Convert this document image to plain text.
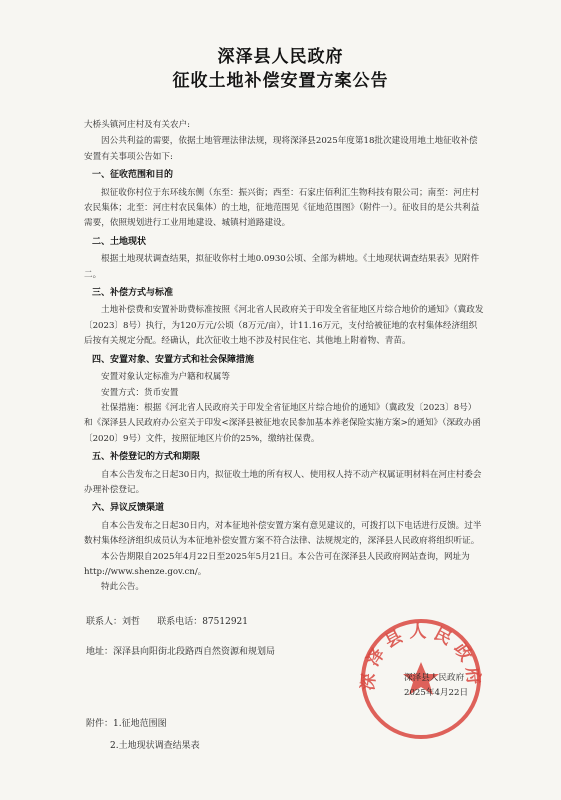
深泽县人民政府
征收土地补偿安置方案公告

大桥头镇河庄村及有关农户:

因公共利益的需要，依据土地管理法律法规，现将深泽县2025年度第18批次建设用地土地征收补偿安置有关事项公告如下:

一、征收范围和目的

拟征收你村位于东环线东侧（东至：振兴街；西至：石家庄佰利汇生物科技有限公司；南至：河庄村农民集体；北至：河庄村农民集体）的土地，征地范围见《征地范围图》（附件一）。征收目的是公共利益需要，依照规划进行工业用地建设、城镇村道路建设。

二、土地现状

根据土地现状调查结果，拟征收你村土地0.0930公顷、全部为耕地。《土地现状调查结果表》见附件二。

三、补偿方式与标准

土地补偿费和安置补助费标准按照《河北省人民政府关于印发全省征地区片综合地价的通知》（冀政发〔2023〕8号）执行，为120万元/公顷（8万元/亩），计11.16万元，支付给被征地的农村集体经济组织后按有关规定分配。经确认，此次征收土地不涉及村民住宅、其他地上附着物、青苗。

四、安置对象、安置方式和社会保障措施

安置对象认定标准为户籍和权属等

安置方式：货币安置

社保措施：根据《河北省人民政府关于印发全省征地区片综合地价的通知》（冀政发〔2023〕8号）和《深泽县人民政府办公室关于印发<深泽县被征地农民参加基本养老保险实施方案>的通知》（深政办函〔2020〕9号）文件，按照征地区片价的25%，缴纳社保费。

五、补偿登记的方式和期限

自本公告发布之日起30日内，拟征收土地的所有权人、使用权人持不动产权属证明材料在河庄村委会办理补偿登记。

六、异议反馈渠道

自本公告发布之日起30日内，对本征地补偿安置方案有意见建议的，可拨打以下电话进行反馈。过半数村集体经济组织成员认为本征地补偿安置方案不符合法律、法规规定的，深泽县人民政府将组织听证。

本公告期限自2025年4月22日至2025年5月21日。本公告可在深泽县人民政府网站查询，网址为http://www.shenze.gov.cn/。

特此公告。

联系人：刘哲 联系电话：87512921
地址：深泽县向阳街北段路西自然资源和规划局
深泽县人民政府
深泽县人民政府
2025年4月22日
附件：1.征地范围图
2.土地现状调查结果表
